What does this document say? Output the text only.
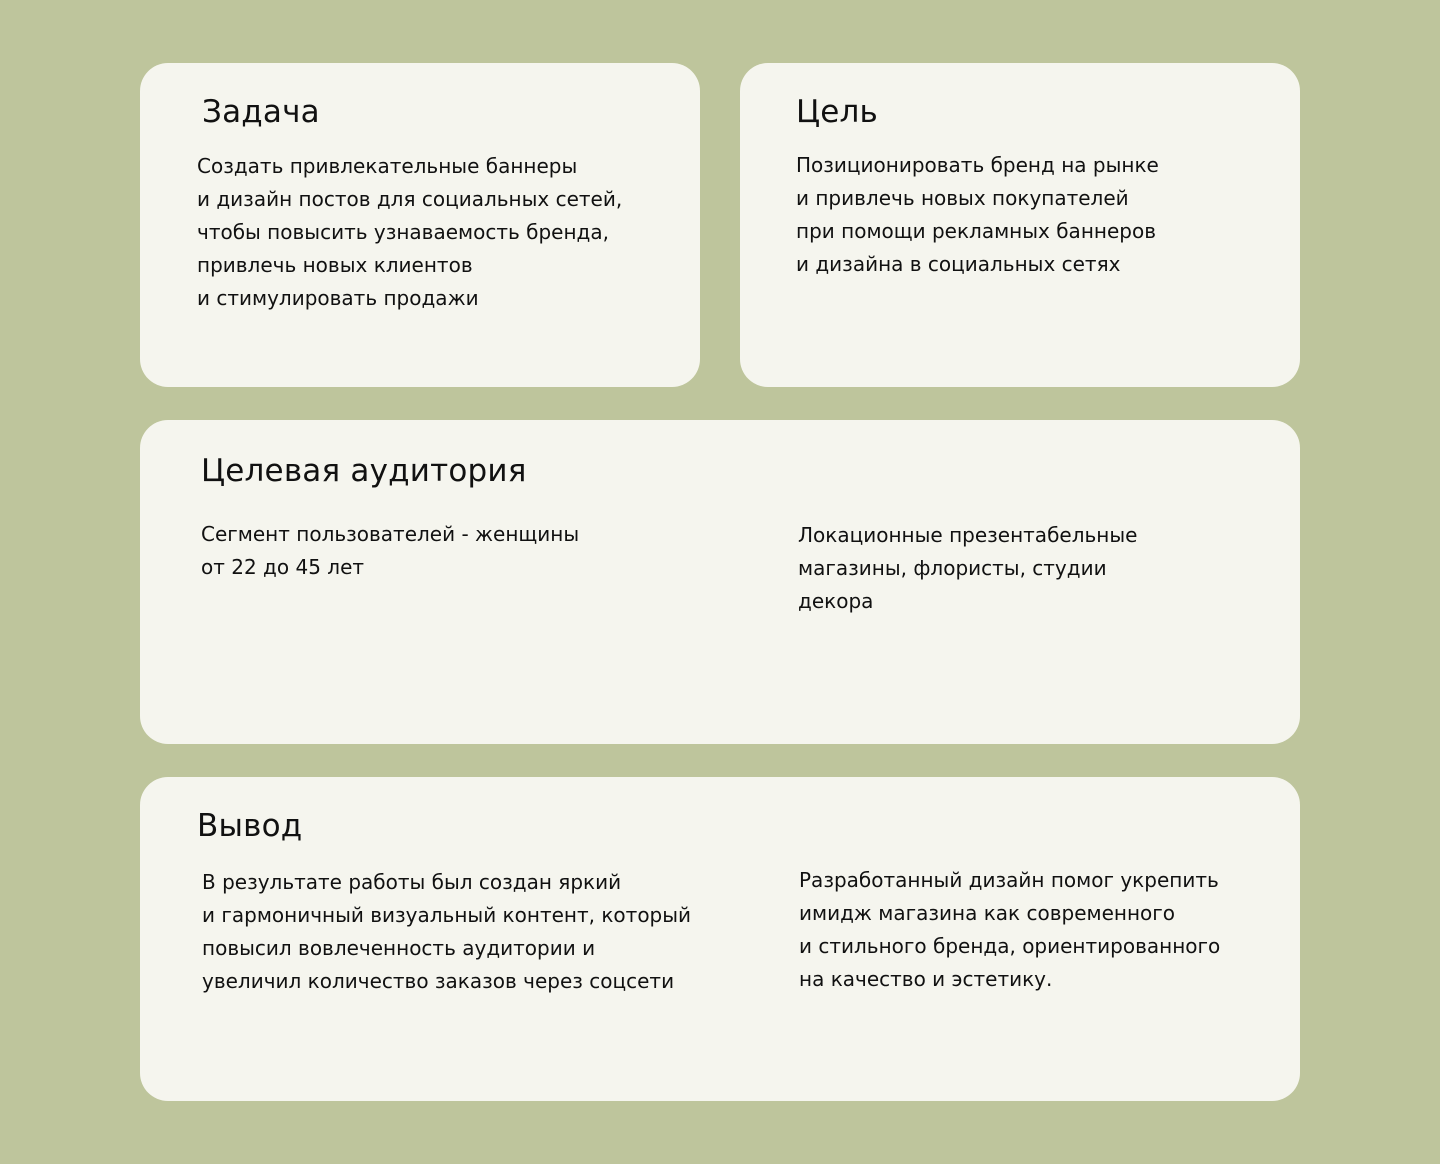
Задача

Создать привлекательные баннеры
и дизайн постов для социальных сетей,
чтобы повысить узнаваемость бренда,
привлечь новых клиентов
и стимулировать продажи

Цель

Позиционировать бренд на рынке
и привлечь новых покупателей
при помощи рекламных баннеров
и дизайна в социальных сетях

Целевая аудитория

Сегмент пользователей - женщины
от 22 до 45 лет

Локационные презентабельные
магазины, флористы, студии
декора

Вывод

В результате работы был создан яркий
и гармоничный визуальный контент, который
повысил вовлеченность аудитории и
увеличил количество заказов через соцсети

Разработанный дизайн помог укрепить
имидж магазина как современного
и стильного бренда, ориентированного
на качество и эстетику.
